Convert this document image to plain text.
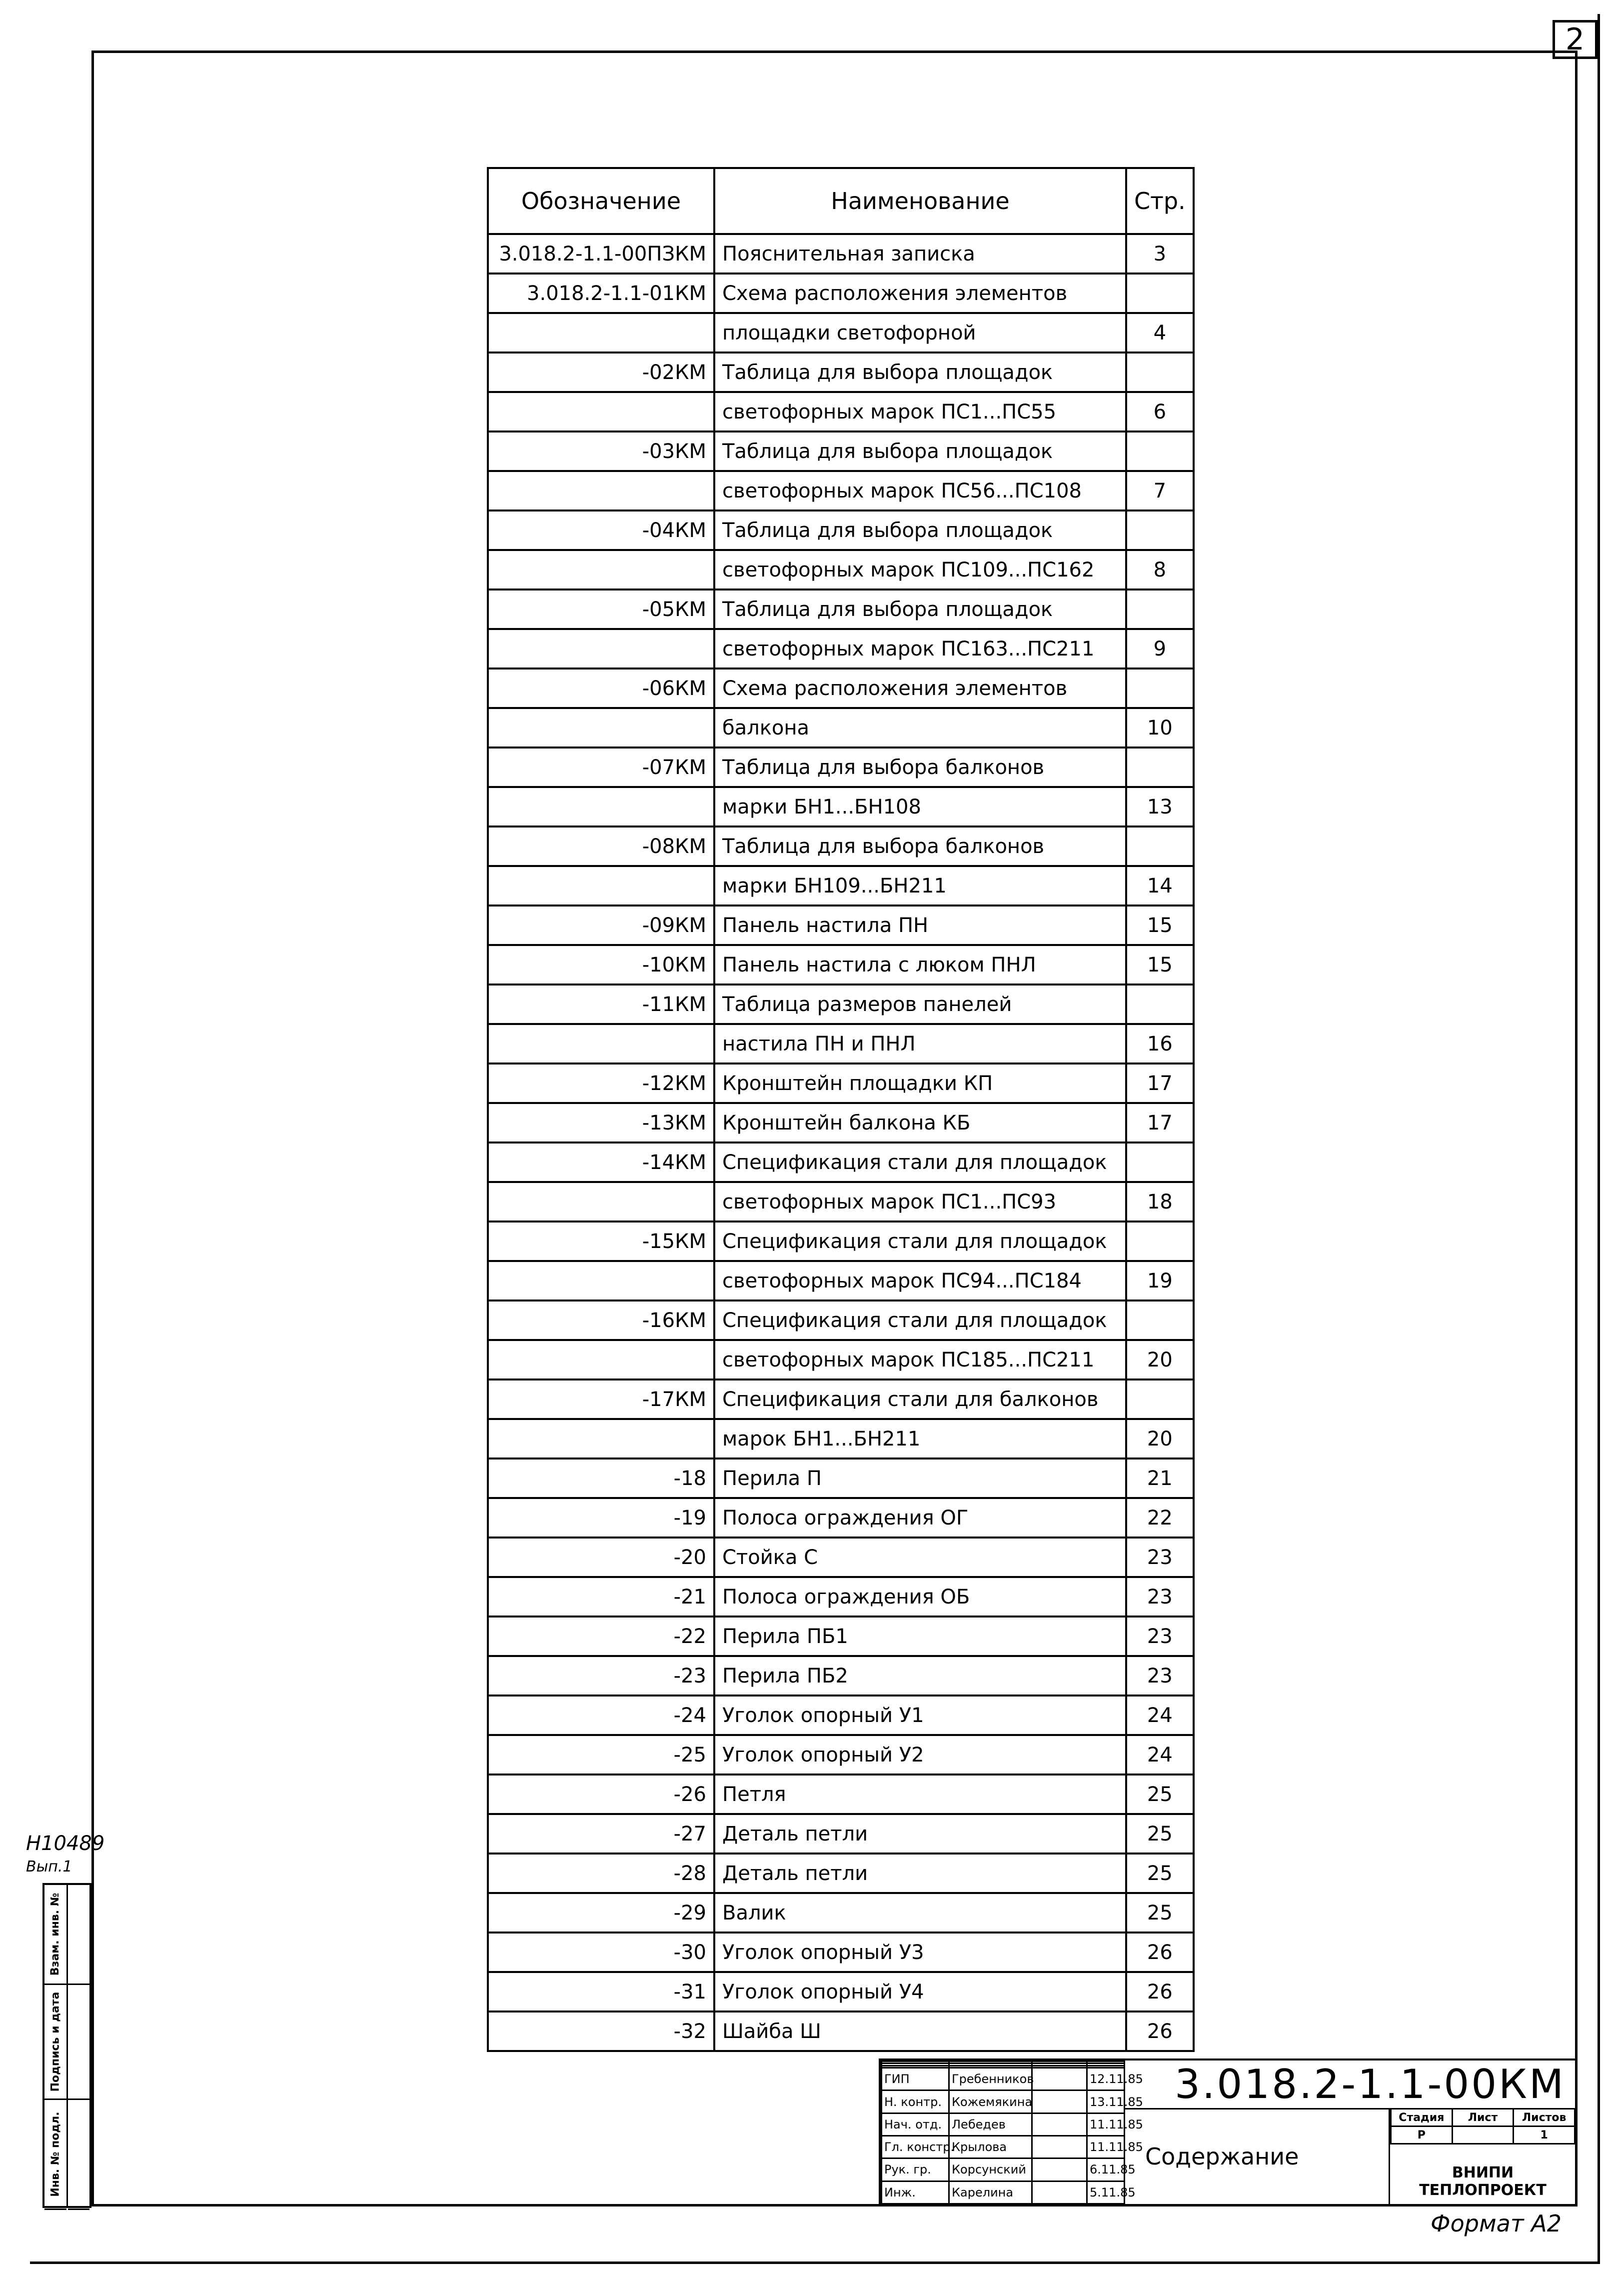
2
Обозначение	Наименование	Стр.
3.018.2-1.1-00ПЗКМ	Пояснительная записка	3
3.018.2-1.1-01КМ	Схема расположения элементов	
	площадки светофорной	4
-02КМ	Таблица для выбора площадок	
	светофорных марок ПС1...ПС55	6
-03КМ	Таблица для выбора площадок	
	светофорных марок ПС56...ПС108	7
-04КМ	Таблица для выбора площадок	
	светофорных марок ПС109...ПС162	8
-05КМ	Таблица для выбора площадок	
	светофорных марок ПС163...ПС211	9
-06КМ	Схема расположения элементов	
	балкона	10
-07КМ	Таблица для выбора балконов	
	марки БН1...БН108	13
-08КМ	Таблица для выбора балконов	
	марки БН109...БН211	14
-09КМ	Панель настила ПН	15
-10КМ	Панель настила с люком ПНЛ	15
-11КМ	Таблица размеров панелей	
	настила ПН и ПНЛ	16
-12КМ	Кронштейн площадки КП	17
-13КМ	Кронштейн балкона КБ	17
-14КМ	Спецификация стали для площадок	
	светофорных марок ПС1...ПС93	18
-15КМ	Спецификация стали для площадок	
	светофорных марок ПС94...ПС184	19
-16КМ	Спецификация стали для площадок	
	светофорных марок ПС185...ПС211	20
-17КМ	Спецификация стали для балконов	
	марок БН1...БН211	20
-18	Перила П	21
-19	Полоса ограждения ОГ	22
-20	Стойка С	23
-21	Полоса ограждения ОБ	23
-22	Перила ПБ1	23
-23	Перила ПБ2	23
-24	Уголок опорный У1	24
-25	Уголок опорный У2	24
-26	Петля	25
-27	Деталь петли	25
-28	Деталь петли	25
-29	Валик	25
-30	Уголок опорный У3	26
-31	Уголок опорный У4	26
-32	Шайба Ш	26
Н10489
Вып.1
Инв. № подл.
Подпись и дата
Взам. инв. №

ГИП	Гребенников		12.11.85
Н. контр.	Кожемякина		13.11.85
Нач. отд.	Лебедев		11.11.85
Гл. констр.	Крылова		11.11.85
Рук. гр.	Корсунский		6.11.85
Инж.	Карелина		5.11.85
3.018.2-1.1-00КМ
Содержание
Стадия	Лист	Листов
Р		1
ВНИПИ
ТЕПЛОПРОЕКТ
Формат А2
